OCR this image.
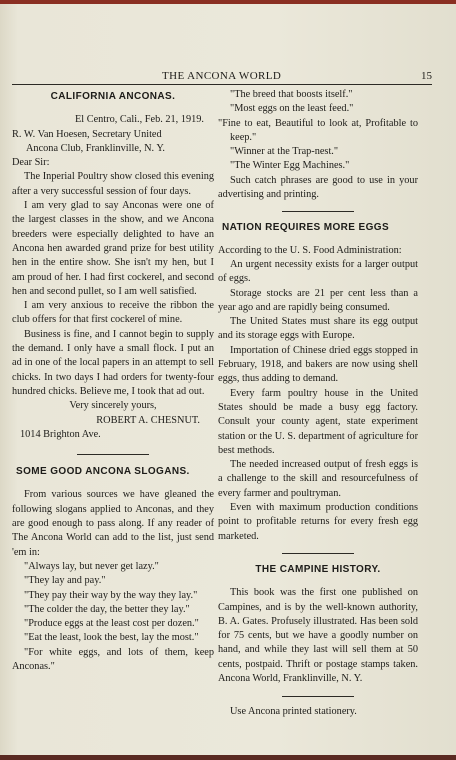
THE ANCONA WORLD	15
CALIFORNIA ANCONAS.

El Centro, Cali., Feb. 21, 1919.

R. W. Van Hoesen, Secretary United

Ancona Club, Franklinville, N. Y.

Dear Sir:

The Inperial Poultry show closed this evening after a very successful session of four days.

I am very glad to say Anconas were one of the largest classes in the show, and we Ancona breeders were especially delighted to have an Ancona hen awarded grand prize for best utility hen in the entire show. She isn't my hen, but I am proud of her. I had first cockerel, and second hen and second pullet, so I am well satisfied.

I am very anxious to receive the ribbon the club offers for that first cockerel of mine.

Business is fine, and I cannot begin to supply the demand. I only have a small flock. I put an ad in one of the local papers in an attempt to sell chicks. In two days I had orders for twenty-four hundred chicks. Believe me, I took that ad out.

Very sincerely yours,

ROBERT A. CHESNUT.

1014 Brighton Ave.

SOME GOOD ANCONA SLOGANS.

From various sources we have gleaned the following slogans applied to Anconas, and they are good enough to pass along. If any reader of The Ancona World can add to the list, just send 'em in:

"Always lay, but never get lazy."

"They lay and pay."

"They pay their way by the way they lay."

"The colder the day, the better they lay."

"Produce eggs at the least cost per dozen."

"Eat the least, look the best, lay the most."

"For white eggs, and lots of them, keep Anconas."

"The breed that boosts itself."

"Most eggs on the least feed."

"Fine to eat, Beautiful to look at, Profitable to keep."

"Winner at the Trap-nest."

"The Winter Egg Machines."

Such catch phrases are good to use in your advertising and printing.

NATION REQUIRES MORE EGGS

According to the U. S. Food Administration:

An urgent necessity exists for a larger output of eggs.

Storage stocks are 21 per cent less than a year ago and are rapidly being consumed.

The United States must share its egg output and its storage eggs with Europe.

Importation of Chinese dried eggs stopped in February, 1918, and bakers are now using shell eggs, thus adding to demand.

Every farm poultry house in the United States should be made a busy egg factory. Consult your county agent, state experiment station or the U. S. department of agriculture for best methods.

The needed increased output of fresh eggs is a challenge to the skill and resourcefulness of every farmer and poultryman.

Even with maximum production conditions point to profitable returns for every fresh egg marketed.

THE CAMPINE HISTORY.

This book was the first one published on Campines, and is by the well-known authority, B. A. Gates. Profusely illustrated. Has been sold for 75 cents, but we have a goodly number on hand, and while they last will sell them at 50 cents, postpaid. Thrift or postage stamps taken. Ancona World, Franklinville, N. Y.

Use Ancona printed stationery.
